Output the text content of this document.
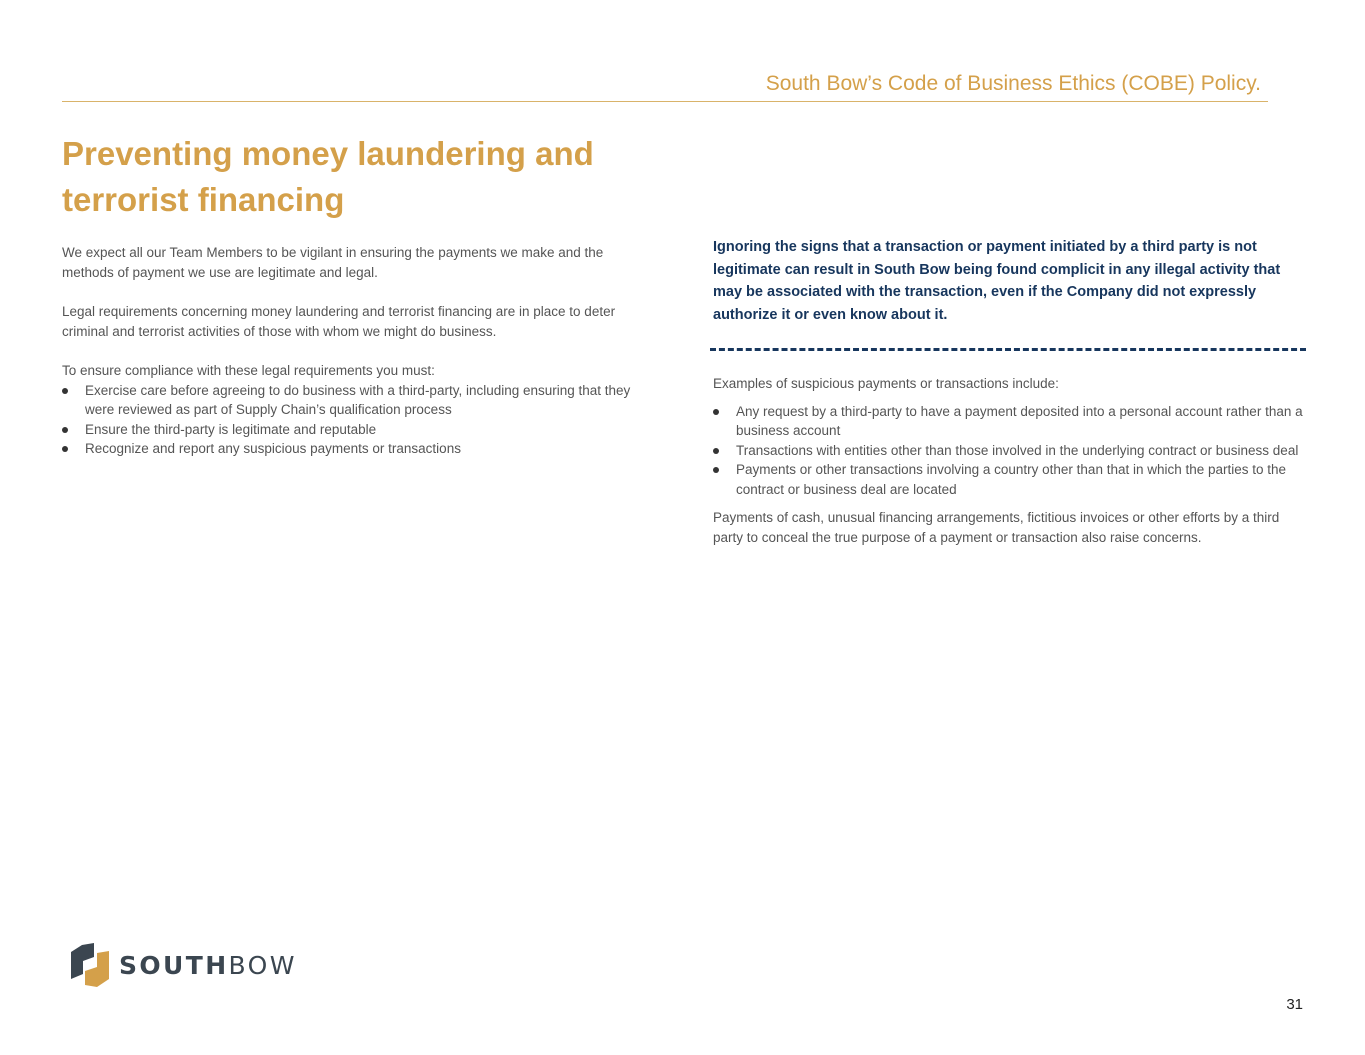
South Bow’s Code of Business Ethics (COBE) Policy.
Preventing money laundering and
terrorist financing

We expect all our Team Members to be vigilant in ensuring the payments we make and the methods of payment we use are legitimate and legal.

Legal requirements concerning money laundering and terrorist financing are in place to deter criminal and terrorist activities of those with whom we might do business.

To ensure compliance with these legal requirements you must:

Exercise care before agreeing to do business with a third-party, including ensuring that they were reviewed as part of Supply Chain’s qualification process
Ensure the third-party is legitimate and reputable
Recognize and report any suspicious payments or transactions
Ignoring the signs that a transaction or payment initiated by a third party is not legitimate can result in South Bow being found complicit in any illegal activity that may be associated with the transaction, even if the Company did not expressly authorize it or even know about it.

Examples of suspicious payments or transactions include:

Any request by a third-party to have a payment deposited into a personal account rather than a business account
Transactions with entities other than those involved in the underlying contract or business deal
Payments or other transactions involving a country other than that in which the parties to the contract or business deal are located

Payments of cash, unusual financing arrangements, fictitious invoices or other efforts by a third party to conceal the true purpose of a payment or transaction also raise concerns.

SOUTHBOW
31
